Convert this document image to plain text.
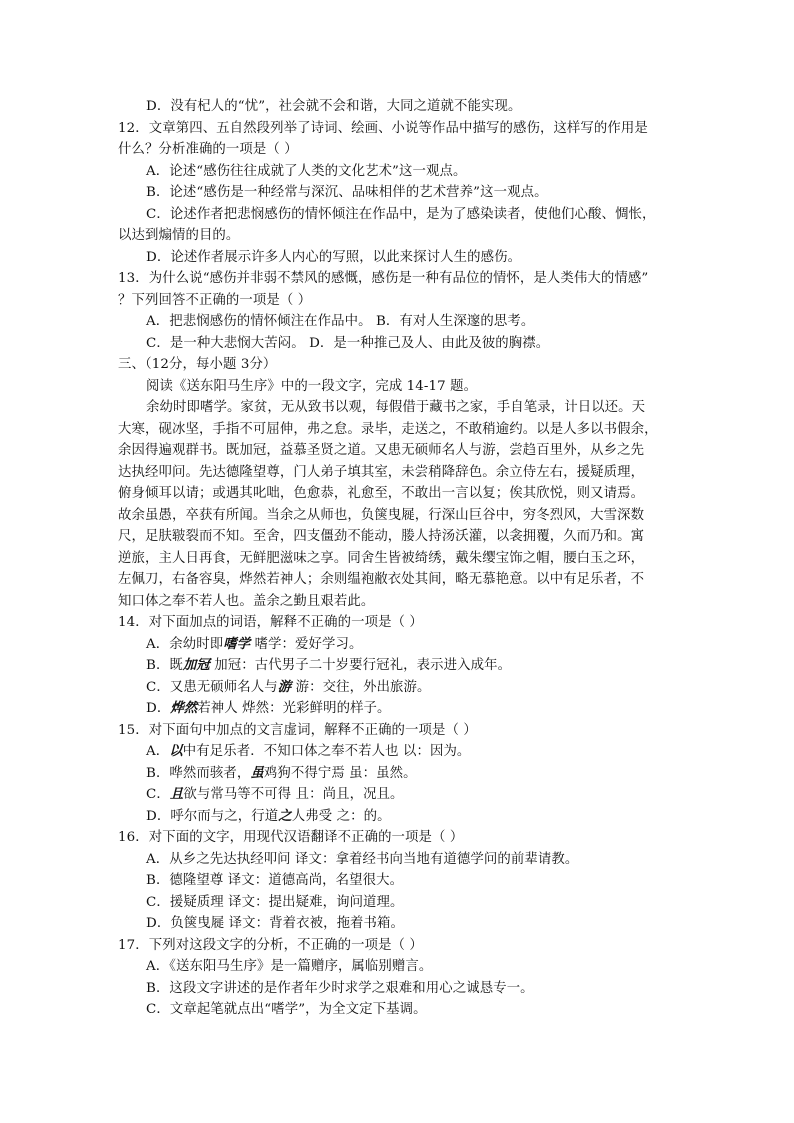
D．没有杞人的“忧”，社会就不会和谐，大同之道就不能实现。

12．文章第四、五自然段列举了诗词、绘画、小说等作品中描写的感伤，这样写的作用是

什么？分析准确的一项是（ ）

A．论述“感伤往往成就了人类的文化艺术”这一观点。

B．论述“感伤是一种经常与深沉、品味相伴的艺术营养”这一观点。

C．论述作者把悲悯感伤的情怀倾注在作品中，是为了感染读者，使他们心酸、惆怅，

以达到煽情的目的。

D．论述作者展示许多人内心的写照，以此来探讨人生的感伤。

13．为什么说“感伤并非弱不禁风的感慨，感伤是一种有品位的情怀，是人类伟大的情感”

？下列回答不正确的一项是（ ）

A．把悲悯感伤的情怀倾注在作品中。 B．有对人生深邃的思考。

C．是一种大悲悯大苦闷。 D．是一种推己及人、由此及彼的胸襟。

三、（12分，每小题 3分）

阅读《送东阳马生序》中的一段文字，完成 14-17 题。

余幼时即嗜学。家贫，无从致书以观，每假借于藏书之家，手自笔录，计日以还。天

大寒，砚冰坚，手指不可屈伸，弗之怠。录毕，走送之，不敢稍逾约。以是人多以书假余，

余因得遍观群书。既加冠，益慕圣贤之道。又患无硕师名人与游，尝趋百里外，从乡之先

达执经叩问。先达德隆望尊，门人弟子填其室，未尝稍降辞色。余立侍左右，援疑质理，

俯身倾耳以请；或遇其叱咄，色愈恭，礼愈至，不敢出一言以复；俟其欣悦，则又请焉。

故余虽愚，卒获有所闻。当余之从师也，负箧曳屣，行深山巨谷中，穷冬烈风，大雪深数

尺，足肤皲裂而不知。至舍，四支僵劲不能动，媵人持汤沃灌，以衾拥覆，久而乃和。寓

逆旅，主人日再食，无鲜肥滋味之享。同舍生皆被绮绣，戴朱缨宝饰之帽，腰白玉之环，

左佩刀，右备容臭，烨然若神人；余则缊袍敝衣处其间，略无慕艳意。以中有足乐者，不

知口体之奉不若人也。盖余之勤且艰若此。

14．对下面加点的词语，解释不正确的一项是（ ）

A．余幼时即嗜学 嗜学：爱好学习。

B．既加冠 加冠：古代男子二十岁要行冠礼，表示进入成年。

C．又患无硕师名人与游 游：交往，外出旅游。

D．烨然若神人 烨然：光彩鲜明的样子。

15．对下面句中加点的文言虚词，解释不正确的一项是（ ）

A．以中有足乐者．不知口体之奉不若人也 以：因为。

B．哗然而骇者，虽鸡狗不得宁焉 虽：虽然。

C．且欲与常马等不可得 且：尚且，况且。

D．呼尔而与之，行道之人弗受 之：的。

16．对下面的文字，用现代汉语翻译不正确的一项是（ ）

A．从乡之先达执经叩问 译文：拿着经书向当地有道德学问的前辈请教。

B．德隆望尊 译文：道德高尚，名望很大。

C．援疑质理 译文：提出疑难，询问道理。

D．负箧曳屣 译文：背着衣被，拖着书箱。

17．下列对这段文字的分析，不正确的一项是（ ）

A．《送东阳马生序》是一篇赠序，属临别赠言。

B．这段文字讲述的是作者年少时求学之艰难和用心之诚恳专一。

C．文章起笔就点出“嗜学”，为全文定下基调。
